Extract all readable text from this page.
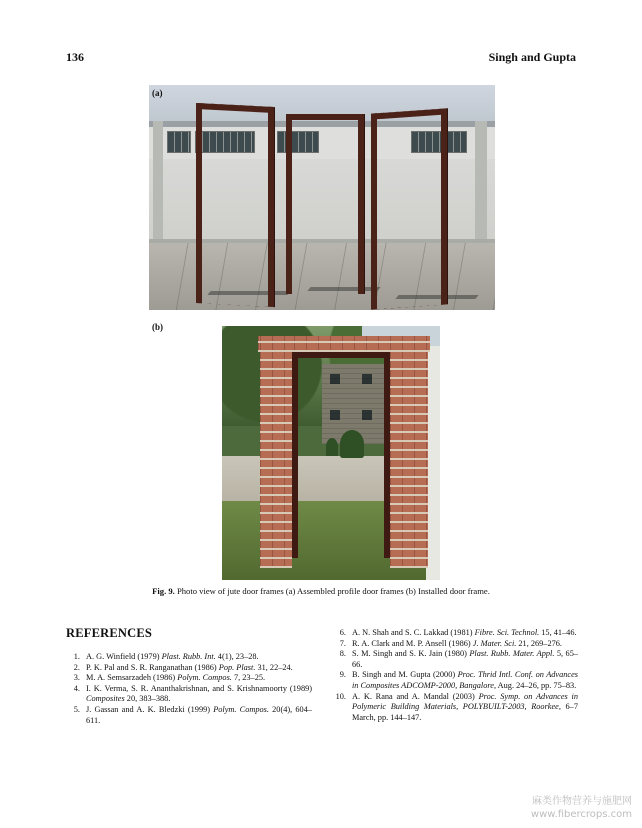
136	Singh and Gupta
(a)
(b)
Fig. 9. Photo view of jute door frames (a) Assembled profile door frames (b) Installed door frame.
REFERENCES
1. A. G. Winfield (1979) Plast. Rubb. Int. 4(1), 23–28.
2. P. K. Pal and S. R. Ranganathan (1986) Pop. Plast. 31, 22–24.
3. M. A. Semsarzadeh (1986) Polym. Compos. 7, 23–25.
4. I. K. Verma, S. R. Ananthakrishnan, and S. Krishnamoorty (1989) Composites 20, 383–388.
5. J. Gassan and A. K. Bledzki (1999) Polym. Compos. 20(4), 604–611.
6. A. N. Shah and S. C. Lakkad (1981) Fibre. Sci. Technol. 15, 41–46.
7. R. A. Clark and M. P. Ansell (1986) J. Mater. Sci. 21, 269–276.
8. S. M. Singh and S. K. Jain (1980) Plast. Rubb. Mater. Appl. 5, 65–66.
9. B. Singh and M. Gupta (2000) Proc. Thrid Intl. Conf. on Advances in Composites ADCOMP-2000, Bangalore, Aug. 24–26, pp. 75–83.
10. A. K. Rana and A. Mandal (2003) Proc. Symp. on Advances in Polymeric Building Materials, POLYBUILT-2003, Roorkee, 6–7 March, pp. 144–147.
麻类作物营养与施肥网
www.fibercrops.com
